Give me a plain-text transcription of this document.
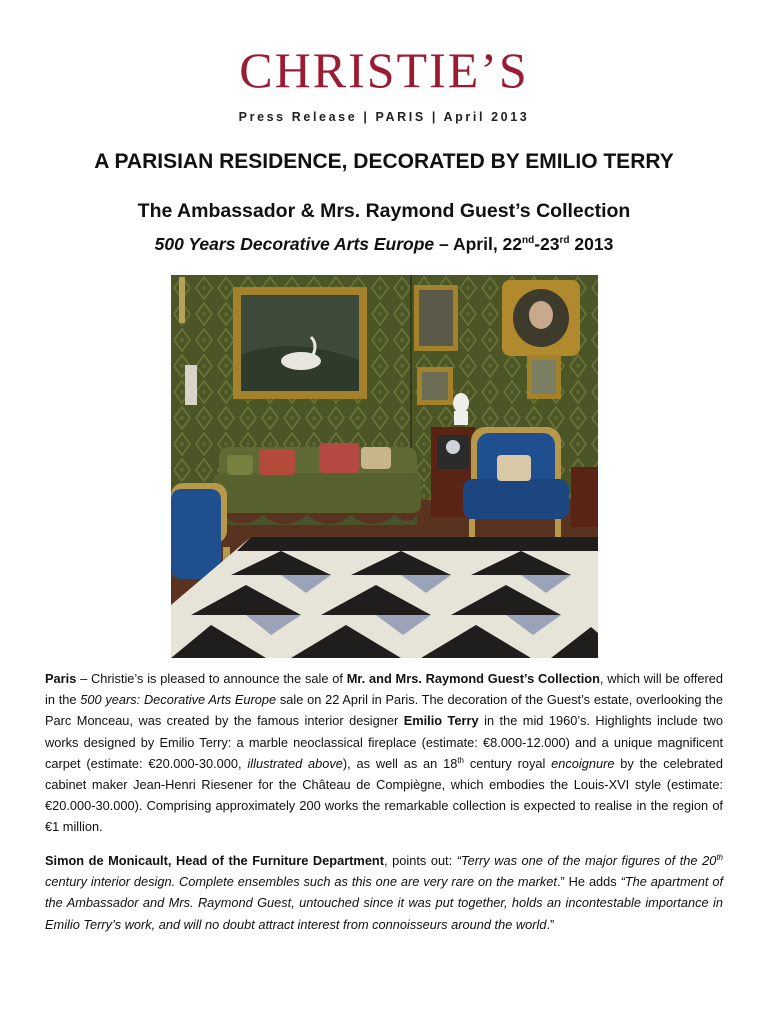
CHRISTIE’S
Press Release | PARIS | April 2013
A PARISIAN RESIDENCE, DECORATED BY EMILIO TERRY
The Ambassador & Mrs. Raymond Guest’s Collection
500 Years Decorative Arts Europe – April, 22nd-23rd 2013
Paris – Christie’s is pleased to announce the sale of Mr. and Mrs. Raymond Guest’s Collection, which will be offered in the 500 years: Decorative Arts Europe sale on 22 April in Paris. The decoration of the Guest’s estate, overlooking the Parc Monceau, was created by the famous interior designer Emilio Terry in the mid 1960’s. Highlights include two works designed by Emilio Terry: a marble neoclassical fireplace (estimate: €8.000-12.000) and a unique magnificent carpet (estimate: €20.000-30.000, illustrated above), as well as an 18th century royal encoignure by the celebrated cabinet maker Jean-Henri Riesener for the Château de Compiègne, which embodies the Louis-XVI style (estimate: €20.000-30.000). Comprising approximately 200 works the remarkable collection is expected to realise in the region of €1 million.
Simon de Monicault, Head of the Furniture Department, points out: “Terry was one of the major figures of the 20th century interior design. Complete ensembles such as this one are very rare on the market.” He adds “The apartment of the Ambassador and Mrs. Raymond Guest, untouched since it was put together, holds an incontestable importance in Emilio Terry’s work, and will no doubt attract interest from connoisseurs around the world.”
